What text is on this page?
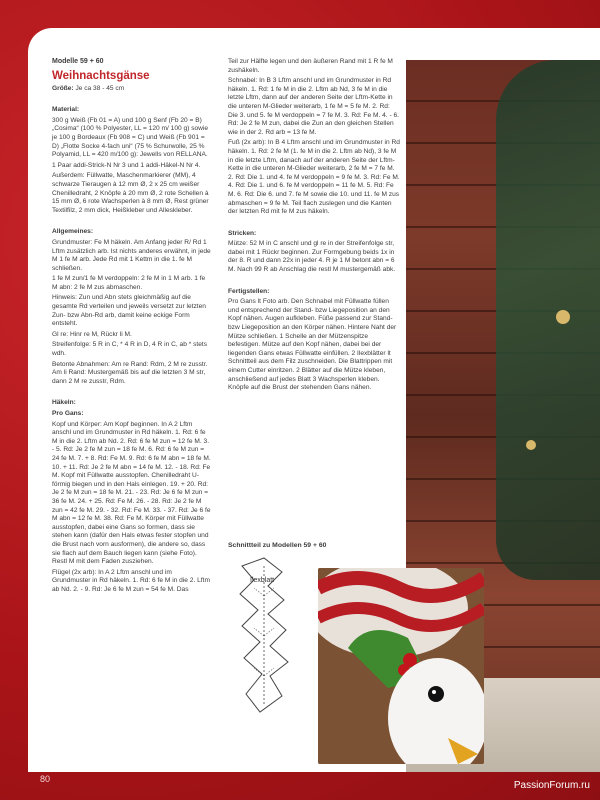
Modelle 59 + 60

Weihnachtsgänse

Größe: Je ca 38 - 45 cm

Material:

300 g Weiß (Fb 01 = A) und 100 g Senf (Fb 20 = B) „Cosima“ (100 % Polyester, LL = 120 m/ 100 g) sowie je 100 g Bordeaux (Fb 908 = C) und Weiß (Fb 901 = D) „Flotte Socke 4-fach uni“ (75 % Schurwolle, 25 % Polyamid, LL = 420 m/100 g): Jewells von RELLANA.

1 Paar addi-Strick-N Nr 3 und 1 addi-Häkel-N Nr 4.

Außerdem: Füllwatte, Maschenmarkierer (MM), 4 schwarze Tieraugen à 12 mm Ø, 2 x 25 cm weißer Chenilledraht, 2 Knöpfe à 20 mm Ø, 2 rote Schellen à 15 mm Ø, 6 rote Wachsperlen à 8 mm Ø, Rest grüner Textilfilz, 2 mm dick, Heißkleber und Alleskleber.

Allgemeines:

Grundmuster: Fe M häkeln. Am Anfang jeder R/ Rd 1 Lftm zusätzlich arb. Ist nichts anderes erwähnt, in jede M 1 fe M arb. Jede Rd mit 1 Kettm in die 1. fe M schließen.

1 fe M zun/1 fe M verdoppeln: 2 fe M in 1 M arb. 1 fe M abn: 2 fe M zus abmaschen.

Hinweis: Zun und Abn stets gleichmäßig auf die gesamte Rd verteilen und jeweils versetzt zur letzten Zun- bzw Abn-Rd arb, damit keine eckige Form entsteht.

Gl re: Hinr re M, Rückr li M.

Streifenfolge: 5 R in C, * 4 R in D, 4 R in C, ab * stets wdh.

Betonte Abnahmen: Am re Rand: Rdm, 2 M re zusstr. Am li Rand: Mustergemäß bis auf die letzten 3 M str, dann 2 M re zusstr, Rdm.

Häkeln:

Pro Gans:

Kopf und Körper: Am Kopf beginnen. In A 2 Lftm anschl und im Grundmuster in Rd häkeln. 1. Rd: 6 fe M in die 2. Lftm ab Nd. 2. Rd: 6 fe M zun = 12 fe M. 3. - 5. Rd: Je 2 fe M zun = 18 fe M. 6. Rd: 6 fe M zun = 24 fe M. 7. + 8. Rd: Fe M. 9. Rd: 6 fe M abn = 18 fe M. 10. + 11. Rd: Je 2 fe M abn = 14 fe M. 12. - 18. Rd: Fe M. Kopf mit Füllwatte ausstopfen. Chenilledraht U-förmig biegen und in den Hals einlegen. 19. + 20. Rd: Je 2 fe M zun = 18 fe M. 21. - 23. Rd: Je 6 fe M zun = 36 fe M. 24. + 25. Rd: Fe M. 26. - 28. Rd: Je 2 fe M zun = 42 fe M. 29. - 32. Rd: Fe M. 33. - 37. Rd: Je 6 fe M abn = 12 fe M. 38. Rd: Fe M. Körper mit Füllwatte ausstopfen, dabei eine Gans so formen, dass sie stehen kann (dafür den Hals etwas fester stopfen und die Brust nach vorn ausformen), die andere so, dass sie flach auf dem Bauch liegen kann (siehe Foto). Restl M mit dem Faden zusziehen.

Flügel (2x arb): In A 2 Lftm anschl und im Grundmuster in Rd häkeln. 1. Rd: 6 fe M in die 2. Lftm ab Nd. 2. - 9. Rd: Je 6 fe M zun = 54 fe M. Das

Teil zur Hälfte legen und den äußeren Rand mit 1 R fe M zushäkeln.

Schnabel: In B 3 Lftm anschl und im Grundmuster in Rd häkeln. 1. Rd: 1 fe M in die 2. Lftm ab Nd, 3 fe M in die letzte Lftm, dann auf der anderen Seite der Lftm-Kette in die unteren M-Glieder weiterarb, 1 fe M = 5 fe M. 2. Rd: Die 3. und 5. fe M verdoppeln = 7 fe M. 3. Rd: Fe M. 4. - 6. Rd: Je 2 fe M zun, dabei die Zun an den gleichen Stellen wie in der 2. Rd arb = 13 fe M.

Fuß (2x arb): In B 4 Lftm anschl und im Grundmuster in Rd häkeln. 1. Rd: 2 fe M (1. fe M in die 2. Lftm ab Nd), 3 fe M in die letzte Lftm, danach auf der anderen Seite der Lftm-Kette in die unteren M-Glieder weiterarb, 2 fe M = 7 fe M. 2. Rd: Die 1. und 4. fe M verdoppeln = 9 fe M. 3. Rd: Fe M. 4. Rd: Die 1. und 6. fe M verdoppeln = 11 fe M. 5. Rd: Fe M. 6. Rd: Die 6. und 7. fe M sowie die 10. und 11. fe M zus abmaschen = 9 fe M. Teil flach zuslegen und die Kanten der letzten Rd mit fe M zus häkeln.

Stricken:

Mütze: 52 M in C anschl und gl re in der Streifenfolge str, dabei mit 1 Rückr beginnen. Zur Formgebung beids 1x in der 8. R und dann 22x in jeder 4. R je 1 M betont abn = 6 M. Nach 99 R ab Anschlag die restl M mustergemäß abk.

Fertigstellen:

Pro Gans lt Foto arb. Den Schnabel mit Füllwatte füllen und entsprechend der Stand- bzw Liegeposition an den Kopf nähen. Augen aufkleben. Füße passend zur Stand- bzw Liegeposition an den Körper nähen. Hintere Naht der Mütze schließen. 1 Schelle an der Mützenspitze befestigen. Mütze auf den Kopf nähen, dabei bei der liegenden Gans etwas Füllwatte einfüllen. 2 Ilexblätter lt Schnittteil aus dem Filz zuschneiden. Die Blattrippen mit einem Cutter einritzen. 2 Blätter auf die Mütze kleben, anschließend auf jedes Blatt 3 Wachsperlen kleben. Knöpfe auf die Brust der stehenden Gans nähen.

Schnittteil zu Modellen 59 + 60
Ilexblatt
80
PassionForum.ru
